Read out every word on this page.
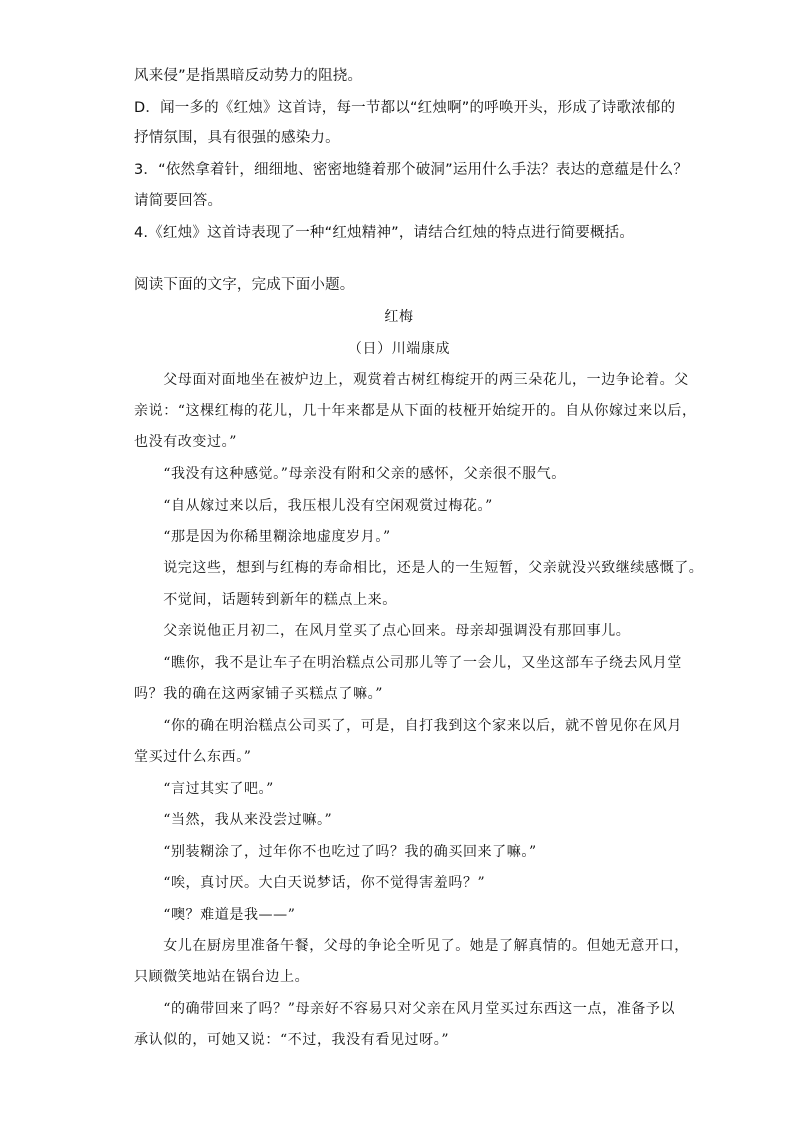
风来侵”是指黑暗反动势力的阻挠。
D．闻一多的《红烛》这首诗，每一节都以“红烛啊”的呼唤开头，形成了诗歌浓郁的
抒情氛围，具有很强的感染力。
3．“依然拿着针，细细地、密密地缝着那个破洞”运用什么手法？表达的意蕴是什么？
请简要回答。
4.《红烛》这首诗表现了一种“红烛精神”，请结合红烛的特点进行简要概括。
阅读下面的文字，完成下面小题。
红梅
（日）川端康成
　　父母面对面地坐在被炉边上，观赏着古树红梅绽开的两三朵花儿，一边争论着。父
亲说：“这棵红梅的花儿，几十年来都是从下面的枝桠开始绽开的。自从你嫁过来以后，
也没有改变过。”
　　“我没有这种感觉。”母亲没有附和父亲的感怀，父亲很不服气。
　　“自从嫁过来以后，我压根儿没有空闲观赏过梅花。”
　　“那是因为你稀里糊涂地虚度岁月。”
　　说完这些，想到与红梅的寿命相比，还是人的一生短暂，父亲就没兴致继续感慨了。
　　不觉间，话题转到新年的糕点上来。
　　父亲说他正月初二，在风月堂买了点心回来。母亲却强调没有那回事儿。
　　“瞧你，我不是让车子在明治糕点公司那儿等了一会儿，又坐这部车子绕去风月堂
吗？我的确在这两家铺子买糕点了嘛。”
　　“你的确在明治糕点公司买了，可是，自打我到这个家来以后，就不曾见你在风月
堂买过什么东西。”
　　“言过其实了吧。”
　　“当然，我从来没尝过嘛。”
　　“别装糊涂了，过年你不也吃过了吗？我的确买回来了嘛。”
　　“唉，真讨厌。大白天说梦话，你不觉得害羞吗？”
　　“噢？难道是我——”
　　女儿在厨房里准备午餐，父母的争论全听见了。她是了解真情的。但她无意开口，
只顾微笑地站在锅台边上。
　　“的确带回来了吗？”母亲好不容易只对父亲在风月堂买过东西这一点，准备予以
承认似的，可她又说：“不过，我没有看见过呀。”
